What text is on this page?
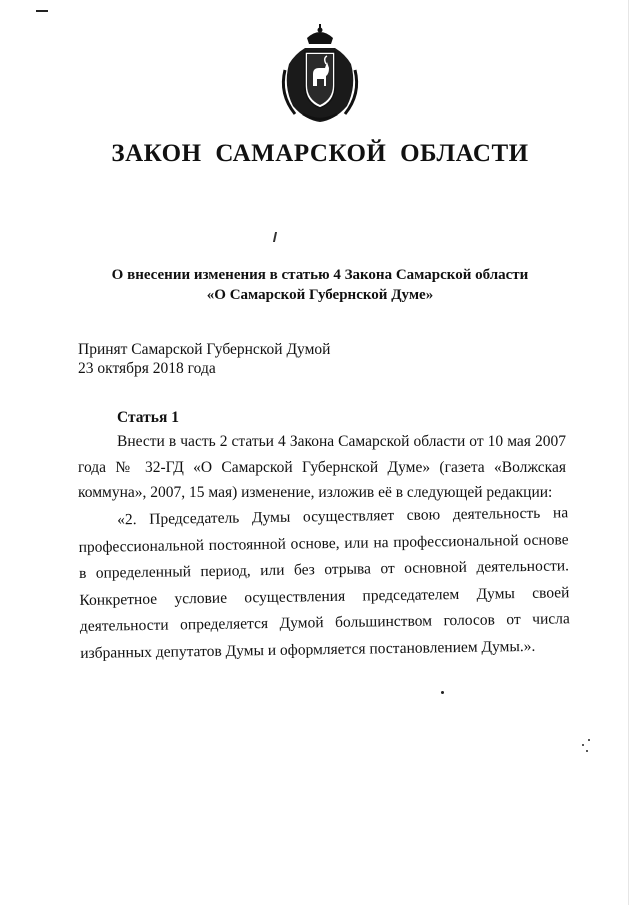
ЗАКОН САМАРСКОЙ ОБЛАСТИ
О внесении изменения в статью 4 Закона Самарской области
«О Самарской Губернской Думе»
Принят Самарской Губернской Думой
23 октября 2018 года
Статья 1

Внести в часть 2 статьи 4 Закона Самарской области от 10 мая 2007 года № 32-ГД «О Самарской Губернской Думе» (газета «Волжская коммуна», 2007, 15 мая) изменение, изложив её в следующей редакции:

«2. Председатель Думы осуществляет свою деятельность на профессиональной постоянной основе, или на профессиональной основе в определенный период, или без отрыва от основной деятельности. Конкретное условие осуществления председателем Думы своей деятельности определяется Думой большинством голосов от числа избранных депутатов Думы и оформляется постановлением Думы.».
